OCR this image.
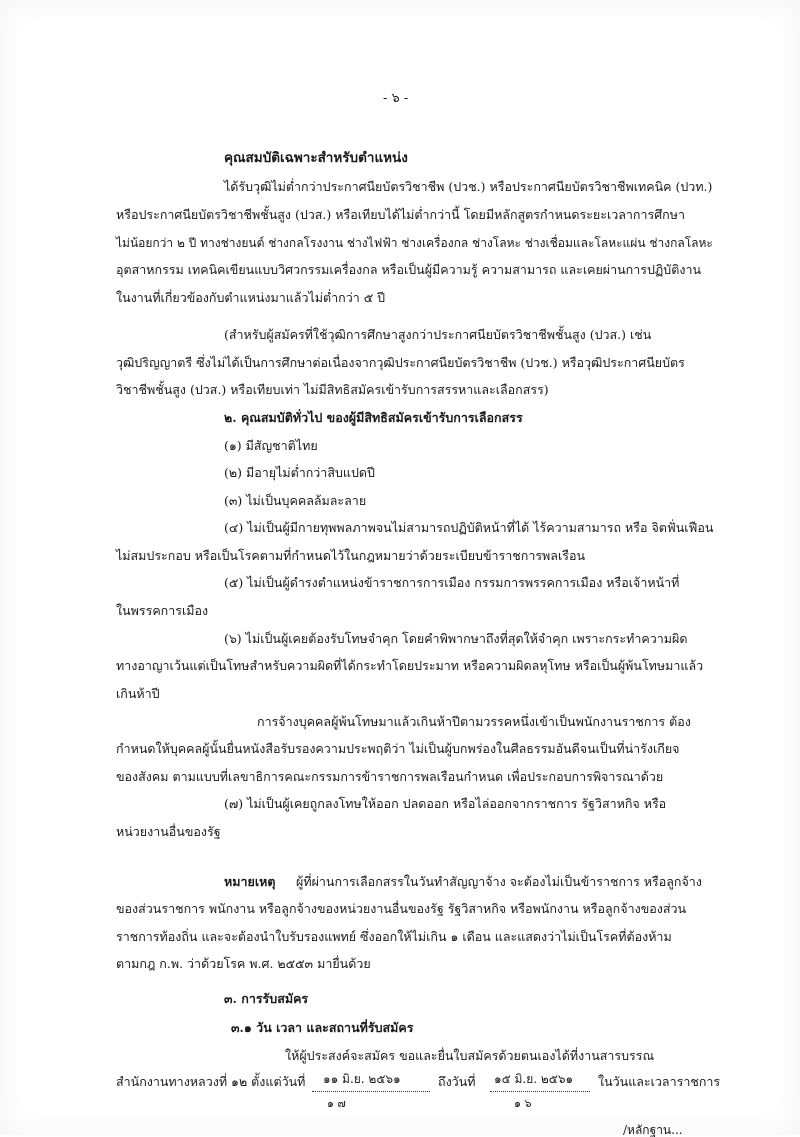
- ๖ -
คุณสมบัติเฉพาะสำหรับตำแหน่ง
ได้รับวุฒิไม่ต่ำกว่าประกาศนียบัตรวิชาชีพ (ปวช.) หรือประกาศนียบัตรวิชาชีพเทคนิค (ปวท.)
หรือประกาศนียบัตรวิชาชีพชั้นสูง (ปวส.) หรือเทียบได้ไม่ต่ำกว่านี้ โดยมีหลักสูตรกำหนดระยะเวลาการศึกษา
ไม่น้อยกว่า ๒ ปี ทางช่างยนต์ ช่างกลโรงงาน ช่างไฟฟ้า ช่างเครื่องกล ช่างโลหะ ช่างเชื่อมและโลหะแผ่น ช่างกลโลหะ
อุตสาหกรรม เทคนิคเขียนแบบวิศวกรรมเครื่องกล หรือเป็นผู้มีความรู้ ความสามารถ และเคยผ่านการปฏิบัติงาน
ในงานที่เกี่ยวข้องกับตำแหน่งมาแล้วไม่ต่ำกว่า ๕ ปี
(สำหรับผู้สมัครที่ใช้วุฒิการศึกษาสูงกว่าประกาศนียบัตรวิชาชีพชั้นสูง (ปวส.) เช่น
วุฒิปริญญาตรี ซึ่งไม่ได้เป็นการศึกษาต่อเนื่องจากวุฒิประกาศนียบัตรวิชาชีพ (ปวช.) หรือวุฒิประกาศนียบัตร
วิชาชีพชั้นสูง (ปวส.) หรือเทียบเท่า ไม่มีสิทธิสมัครเข้ารับการสรรหาและเลือกสรร)
๒. คุณสมบัติทั่วไป ของผู้มีสิทธิสมัครเข้ารับการเลือกสรร
(๑) มีสัญชาติไทย
(๒) มีอายุไม่ต่ำกว่าสิบแปดปี
(๓) ไม่เป็นบุคคลล้มละลาย
(๔) ไม่เป็นผู้มีกายทุพพลภาพจนไม่สามารถปฏิบัติหน้าที่ได้ ไร้ความสามารถ หรือ จิตฟั่นเฟือน
ไม่สมประกอบ หรือเป็นโรคตามที่กำหนดไว้ในกฎหมายว่าด้วยระเบียบข้าราชการพลเรือน
(๕) ไม่เป็นผู้ดำรงตำแหน่งข้าราชการการเมือง กรรมการพรรคการเมือง หรือเจ้าหน้าที่
ในพรรคการเมือง
(๖) ไม่เป็นผู้เคยต้องรับโทษจำคุก โดยคำพิพากษาถึงที่สุดให้จำคุก เพราะกระทำความผิด
ทางอาญาเว้นแต่เป็นโทษสำหรับความผิดที่ได้กระทำโดยประมาท หรือความผิดลหุโทษ หรือเป็นผู้พ้นโทษมาแล้ว
เกินห้าปี
การจ้างบุคคลผู้พ้นโทษมาแล้วเกินห้าปีตามวรรคหนึ่งเข้าเป็นพนักงานราชการ ต้อง
กำหนดให้บุคคลผู้นั้นยื่นหนังสือรับรองความประพฤติว่า ไม่เป็นผู้บกพร่องในศีลธรรมอันดีจนเป็นที่น่ารังเกียจ
ของสังคม ตามแบบที่เลขาธิการคณะกรรมการข้าราชการพลเรือนกำหนด เพื่อประกอบการพิจารณาด้วย
(๗) ไม่เป็นผู้เคยถูกลงโทษให้ออก ปลดออก หรือไล่ออกจากราชการ รัฐวิสาหกิจ หรือ
หน่วยงานอื่นของรัฐ
หมายเหตุ ผู้ที่ผ่านการเลือกสรรในวันทำสัญญาจ้าง จะต้องไม่เป็นข้าราชการ หรือลูกจ้าง
ของส่วนราชการ พนักงาน หรือลูกจ้างของหน่วยงานอื่นของรัฐ รัฐวิสาหกิจ หรือพนักงาน หรือลูกจ้างของส่วน
ราชการท้องถิ่น และจะต้องนำใบรับรองแพทย์ ซึ่งออกให้ไม่เกิน ๑ เดือน และแสดงว่าไม่เป็นโรคที่ต้องห้าม
ตามกฎ ก.พ. ว่าด้วยโรค พ.ศ. ๒๕๕๓ มายื่นด้วย
๓. การรับสมัคร
๓.๑ วัน เวลา และสถานที่รับสมัคร
ให้ผู้ประสงค์จะสมัคร ขอและยื่นใบสมัครด้วยตนเองได้ที่งานสารบรรณ
สำนักงานทางหลวงที่ ๑๒ ตั้งแต่วันที่ ๑๑ มิ.ย. ๒๕๖๑	ถึงวันที่ ๑๕ มิ.ย. ๒๕๖๑ ในวันและเวลาราชการ
๑ ๗	๑ ๖
/หลักฐาน...
